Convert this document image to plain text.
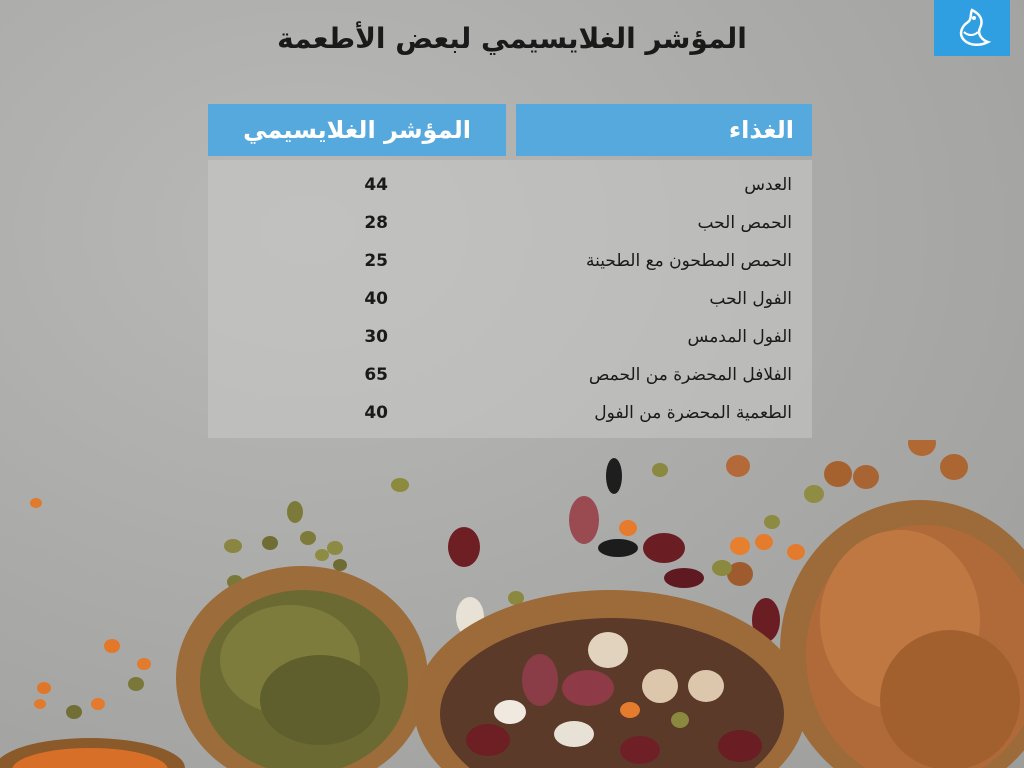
المؤشر الغلايسيمي لبعض الأطعمة
الغذاء
المؤشر الغلايسيمي
العدس
44
الحمص الحب
28
الحمص المطحون مع الطحينة
25
الفول الحب
40
الفول المدمس
30
الفلافل المحضرة من الحمص
65
الطعمية المحضرة من الفول
40
